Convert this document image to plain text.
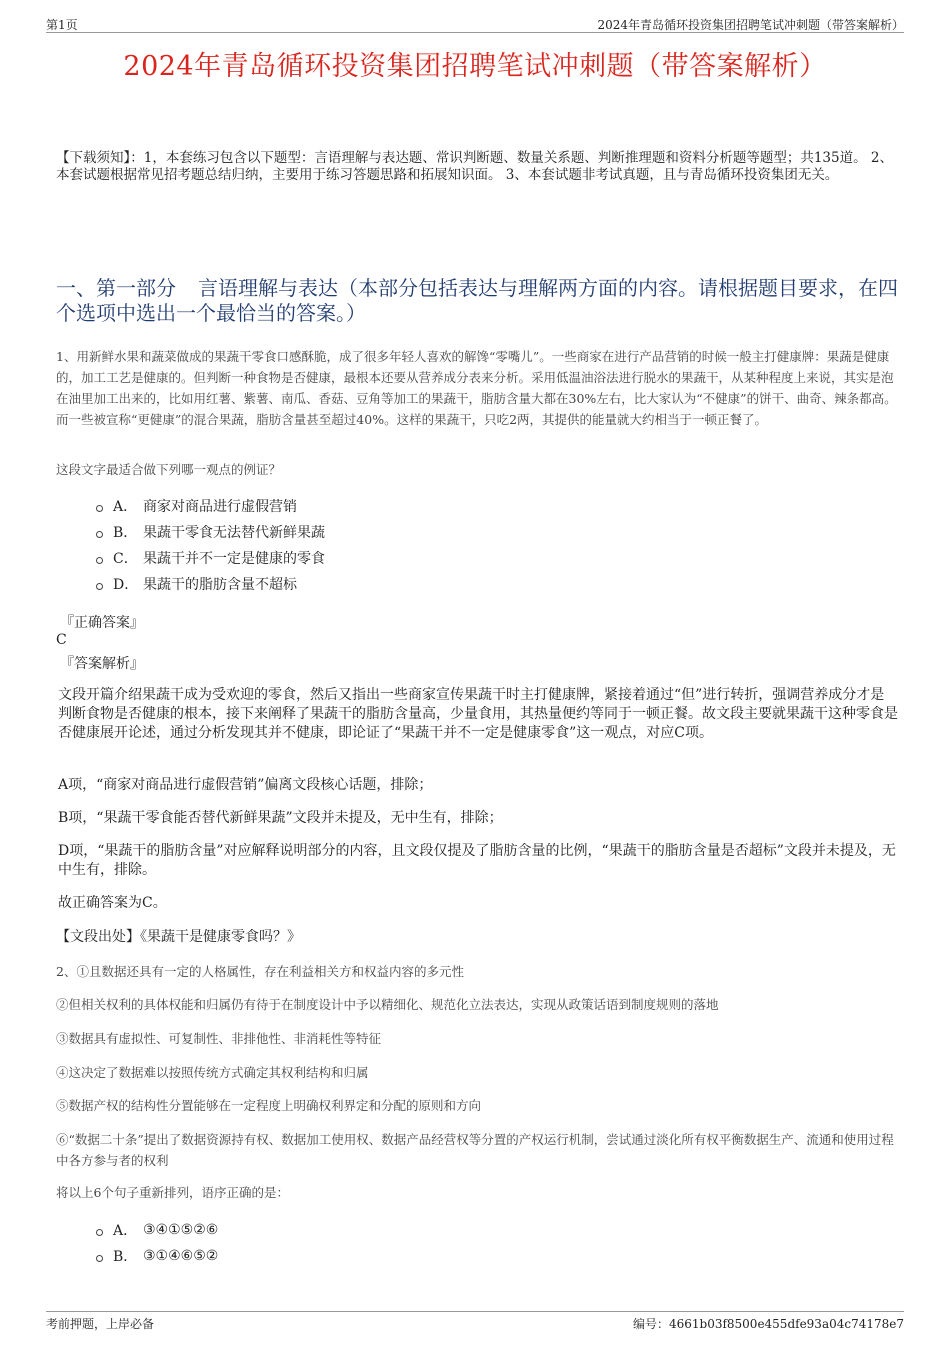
第1页	2024年青岛循环投资集团招聘笔试冲刺题（带答案解析）
2024年青岛循环投资集团招聘笔试冲刺题（带答案解析）
【下载须知】：1，本套练习包含以下题型：言语理解与表达题、常识判断题、数量关系题、判断推理题和资料分析题等题型；共135道。 2、本套试题根据常见招考题总结归纳，主要用于练习答题思路和拓展知识面。 3、本套试题非考试真题，且与青岛循环投资集团无关。
一、第一部分 言语理解与表达（本部分包括表达与理解两方面的内容。请根据题目要求，在四个选项中选出一个最恰当的答案。）
1、用新鲜水果和蔬菜做成的果蔬干零食口感酥脆，成了很多年轻人喜欢的解馋“零嘴儿”。一些商家在进行产品营销的时候一般主打健康牌：果蔬是健康的，加工工艺是健康的。但判断一种食物是否健康，最根本还要从营养成分表来分析。采用低温油浴法进行脱水的果蔬干，从某种程度上来说，其实是泡在油里加工出来的，比如用红薯、紫薯、南瓜、香菇、豆角等加工的果蔬干，脂肪含量大都在30%左右，比大家认为“不健康”的饼干、曲奇、辣条都高。而一些被宣称“更健康”的混合果蔬，脂肪含量甚至超过40%。这样的果蔬干，只吃2两，其提供的能量就大约相当于一顿正餐了。
这段文字最适合做下列哪一观点的例证？
A． 商家对商品进行虚假营销
B． 果蔬干零食无法替代新鲜果蔬
C． 果蔬干并不一定是健康的零食
D． 果蔬干的脂肪含量不超标
『正确答案』
C
『答案解析』
文段开篇介绍果蔬干成为受欢迎的零食，然后又指出一些商家宣传果蔬干时主打健康牌，紧接着通过“但”进行转折，强调营养成分才是判断食物是否健康的根本，接下来阐释了果蔬干的脂肪含量高，少量食用，其热量便约等同于一顿正餐。故文段主要就果蔬干这种零食是否健康展开论述，通过分析发现其并不健康，即论证了“果蔬干并不一定是健康零食”这一观点，对应C项。
A项，“商家对商品进行虚假营销”偏离文段核心话题，排除；
B项，“果蔬干零食能否替代新鲜果蔬”文段并未提及，无中生有，排除；
D项，“果蔬干的脂肪含量”对应解释说明部分的内容，且文段仅提及了脂肪含量的比例，“果蔬干的脂肪含量是否超标”文段并未提及，无中生有，排除。
故正确答案为C。
【文段出处】《果蔬干是健康零食吗？》
2、①且数据还具有一定的人格属性，存在利益相关方和权益内容的多元性
②但相关权利的具体权能和归属仍有待于在制度设计中予以精细化、规范化立法表达，实现从政策话语到制度规则的落地
③数据具有虚拟性、可复制性、非排他性、非消耗性等特征
④这决定了数据难以按照传统方式确定其权利结构和归属
⑤数据产权的结构性分置能够在一定程度上明确权利界定和分配的原则和方向
⑥“数据二十条”提出了数据资源持有权、数据加工使用权、数据产品经营权等分置的产权运行机制，尝试通过淡化所有权平衡数据生产、流通和使用过程中各方参与者的权利
将以上6个句子重新排列，语序正确的是：
A． ③④①⑤②⑥
B． ③①④⑥⑤②
考前押题，上岸必备	编号：4661b03f8500e455dfe93a04c74178e7
